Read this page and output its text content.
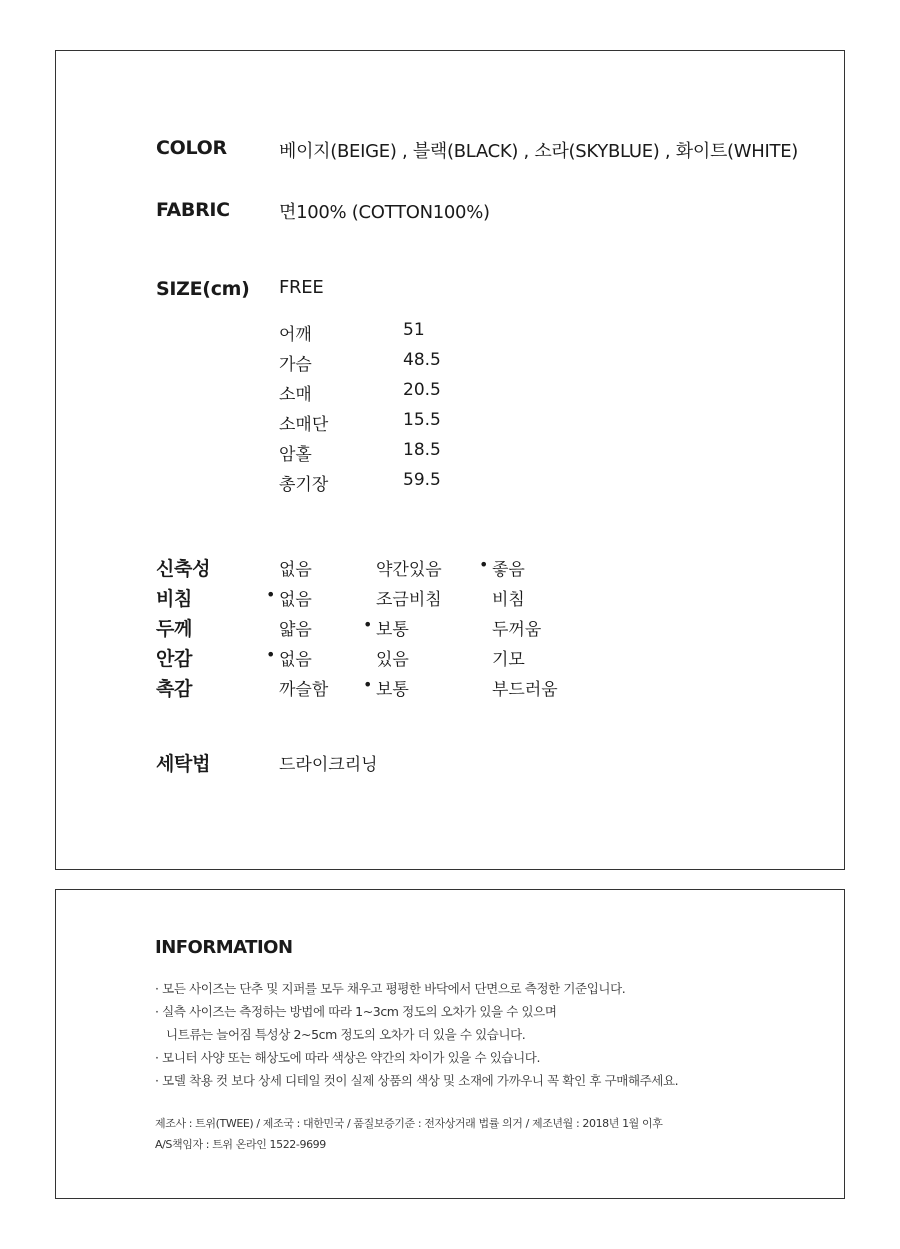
COLOR	베이지(BEIGE) , 블랙(BLACK) , 소라(SKYBLUE) , 화이트(WHITE)
FABRIC	면100% (COTTON100%)
SIZE(cm) FREE
어깨	51
가슴	48.5
소매	20.5
소매단	15.5
암홀	18.5
총기장	59.5
신축성	없음	약간있음	• 좋음
비침	• 없음	조금비침	비침
두께	얇음	• 보통	두꺼움
안감	• 없음	있음	기모
촉감	까슬함	• 보통	부드러움
세탁법	드라이크리닝
INFORMATION
· 모든 사이즈는 단추 및 지퍼를 모두 채우고 평평한 바닥에서 단면으로 측정한 기준입니다.
· 실측 사이즈는 측정하는 방법에 따라 1~3cm 정도의 오차가 있을 수 있으며
니트류는 늘어짐 특성상 2~5cm 정도의 오차가 더 있을 수 있습니다.
· 모니터 사양 또는 해상도에 따라 색상은 약간의 차이가 있을 수 있습니다.
· 모델 착용 컷 보다 상세 디테일 컷이 실제 상품의 색상 및 소재에 가까우니 꼭 확인 후 구매해주세요.
제조사 : 트위(TWEE) / 제조국 : 대한민국 / 품질보증기준 : 전자상거래 법률 의거 / 제조년월 : 2018년 1월 이후
A/S책임자 : 트위 온라인 1522-9699
